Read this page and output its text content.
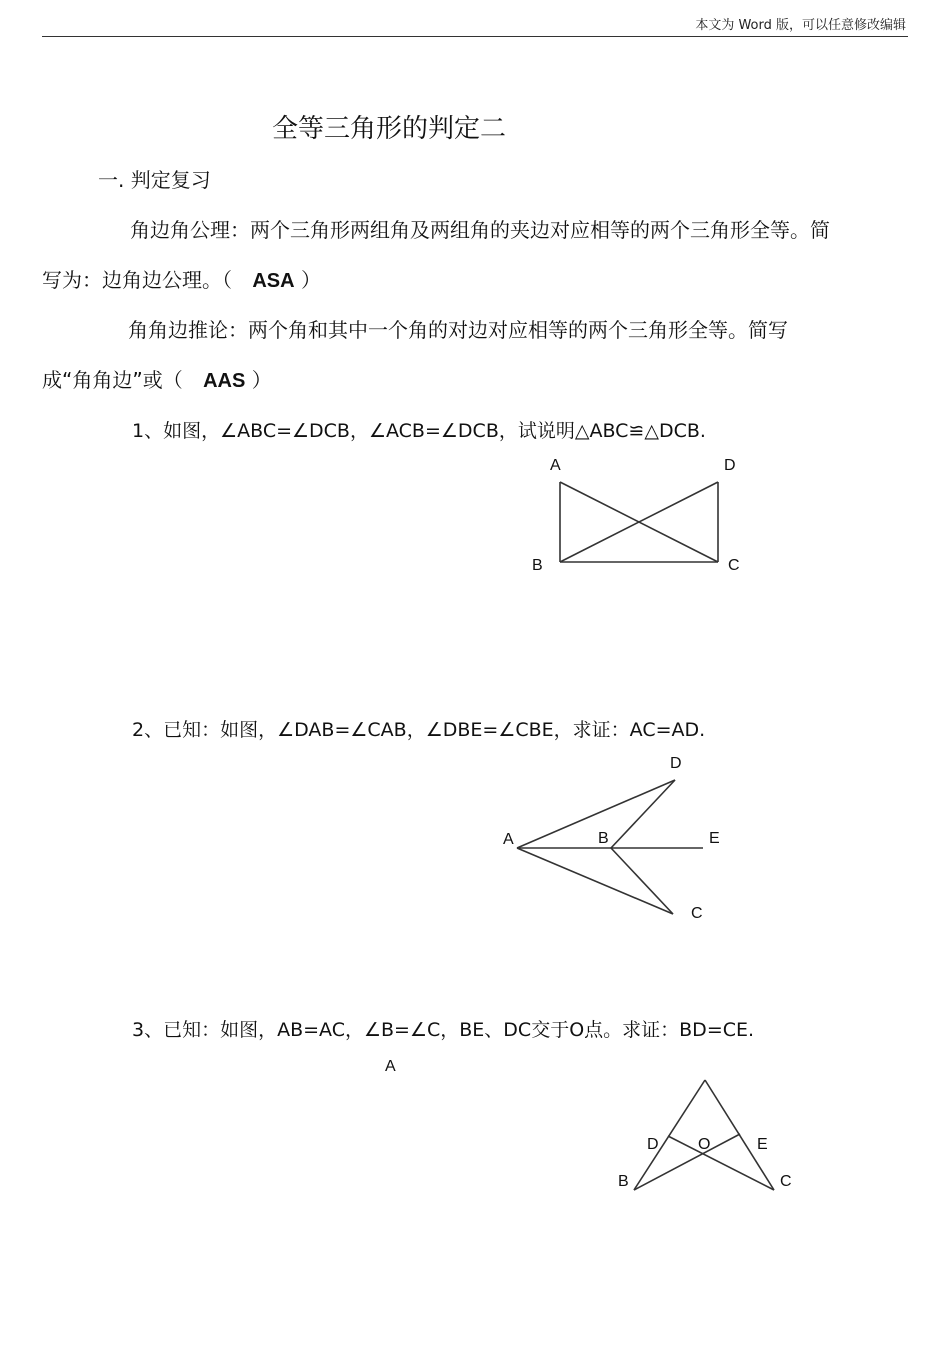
本文为 Word 版，可以任意修改编辑
全等三角形的判定二
一. 判定复习
角边角公理：两个三角形两组角及两组角的夹边对应相等的两个三角形全等。简
写为：边角边公理。（ ASA ）
角角边推论：两个角和其中一个角的对边对应相等的两个三角形全等。简写
成“角角边”或（ AAS ）
1、如图，∠ABC=∠DCB，∠ACB=∠DCB，试说明△ABC≌△DCB.
A	D
B	C
2、已知：如图，∠DAB=∠CAB，∠DBE=∠CBE，求证：AC=AD.
D
A	B	E
C
3、已知：如图，AB=AC，∠B=∠C，BE、DC交于O点。求证：BD=CE.
A
D O	E
B	C
